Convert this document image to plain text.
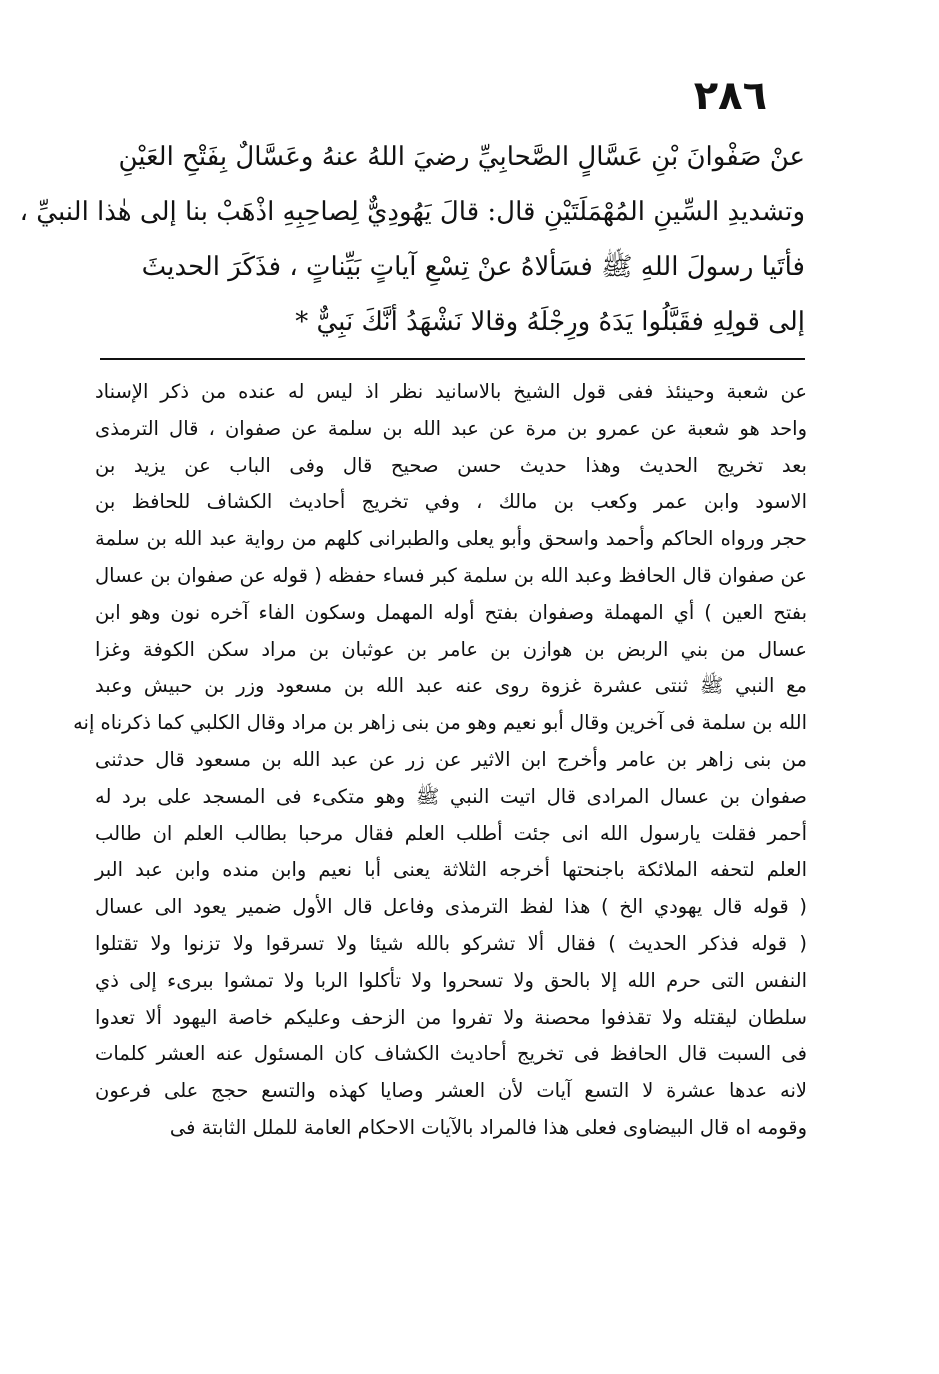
٢٨٦
عنْ صَفْوانَ بْنِ عَسَّالٍ الصَّحابِيِّ رضيَ اللهُ عنهُ وعَسَّالٌ بِفَتْحِ العَيْنِ
وتشديدِ السِّينِ المُهْمَلَتَيْنِ قال: قالَ يَهُودِيٌّ لِصاحِبِهِ اذْهَبْ بنا إلى هٰذا النبيِّ ،
فأتَيا رسولَ اللهِ ﷺ فسَألاهُ عنْ تِسْعِ آياتٍ بَيِّناتٍ ، فذَكَرَ الحديثَ
إلى قولِهِ فقَبَّلُوا يَدَهُ ورِجْلَهُ وقالا نَشْهَدُ أنَّكَ نَبِيٌّ *
عن شعبة وحينئذ ففى قول الشيخ بالاسانيد نظر اذ ليس له عنده من ذكر الإسناد
واحد هو شعبة عن عمرو بن مرة عن عبد الله بن سلمة عن صفوان ، قال الترمذى
بعد تخريج الحديث وهذا حديث حسن صحيح قال وفى الباب عن يزيد بن
الاسود وابن عمر وكعب بن مالك ، وفي تخريج أحاديث الكشاف للحافظ بن
حجر ورواه الحاكم وأحمد واسحق وأبو يعلى والطبرانى كلهم من رواية عبد الله بن سلمة
عن صفوان قال الحافظ وعبد الله بن سلمة كبر فساء حفظه ( قوله عن صفوان بن عسال
بفتح العين ) أي المهملة وصفوان بفتح أوله المهمل وسكون الفاء آخره نون وهو ابن
عسال من بني الربض بن هوازن بن عامر بن عوثبان بن مراد سكن الكوفة وغزا
مع النبي ﷺ ثنتى عشرة غزوة روى عنه عبد الله بن مسعود وزر بن حبيش وعبد
الله بن سلمة فى آخرين وقال أبو نعيم وهو من بنى زاهر بن مراد وقال الكلبي كما ذكرناه إنه
من بنى زاهر بن عامر وأخرج ابن الاثير عن زر عن عبد الله بن مسعود قال حدثنى
صفوان بن عسال المرادى قال اتيت النبي ﷺ وهو متكىء فى المسجد على برد له
أحمر فقلت يارسول الله انى جئت أطلب العلم فقال مرحبا بطالب العلم ان طالب
العلم لتحفه الملائكة باجنحتها أخرجه الثلاثة يعنى أبا نعيم وابن منده وابن عبد البر
( قوله قال يهودي الخ ) هذا لفظ الترمذى وفاعل قال الأول ضمير يعود الى عسال
( قوله فذكر الحديث ) فقال ألا تشركو بالله شيئا ولا تسرقوا ولا تزنوا ولا تقتلوا
النفس التى حرم الله إلا بالحق ولا تسحروا ولا تأكلوا الربا ولا تمشوا ببرىء إلى ذي
سلطان ليقتله ولا تقذفوا محصنة ولا تفروا من الزحف وعليكم خاصة اليهود ألا تعدوا
فى السبت قال الحافظ فى تخريج أحاديث الكشاف كان المسئول عنه العشر كلمات
لانه عدها عشرة لا التسع آيات لأن العشر وصايا كهذه والتسع حجج على فرعون
وقومه اه قال البيضاوى فعلى هذا فالمراد بالآيات الاحكام العامة للملل الثابتة فى
